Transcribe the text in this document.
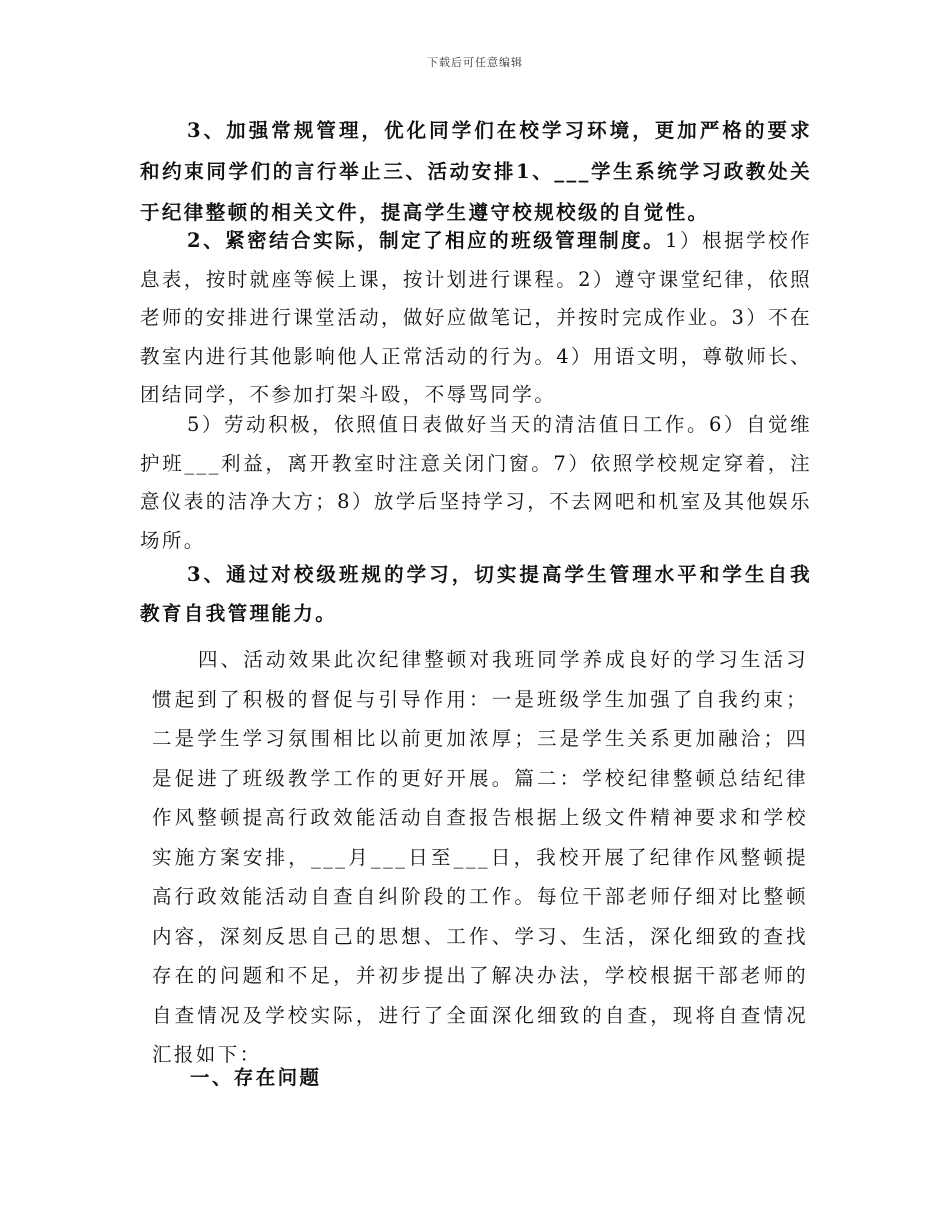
下载后可任意编辑

3、加强常规管理，优化同学们在校学习环境，更加严格的要求和约束同学们的言行举止三、活动安排1、___学生系统学习政教处关于纪律整顿的相关文件，提高学生遵守校规校级的自觉性。

2、紧密结合实际，制定了相应的班级管理制度。1）根据学校作息表，按时就座等候上课，按计划进行课程。2）遵守课堂纪律，依照老师的安排进行课堂活动，做好应做笔记，并按时完成作业。3）不在教室内进行其他影响他人正常活动的行为。4）用语文明，尊敬师长、团结同学，不参加打架斗殴，不辱骂同学。

5）劳动积极，依照值日表做好当天的清洁值日工作。6）自觉维护班___利益，离开教室时注意关闭门窗。7）依照学校规定穿着，注意仪表的洁净大方；8）放学后坚持学习，不去网吧和机室及其他娱乐场所。

3、通过对校级班规的学习，切实提高学生管理水平和学生自我教育自我管理能力。

四、活动效果此次纪律整顿对我班同学养成良好的学习生活习惯起到了积极的督促与引导作用：一是班级学生加强了自我约束；二是学生学习氛围相比以前更加浓厚；三是学生关系更加融洽；四是促进了班级教学工作的更好开展。篇二：学校纪律整顿总结纪律作风整顿提高行政效能活动自查报告根据上级文件精神要求和学校实施方案安排，___月___日至___日，我校开展了纪律作风整顿提高行政效能活动自查自纠阶段的工作。每位干部老师仔细对比整顿内容，深刻反思自己的思想、工作、学习、生活，深化细致的查找存在的问题和不足，并初步提出了解决办法，学校根据干部老师的自查情况及学校实际，进行了全面深化细致的自查，现将自查情况汇报如下：

一、存在问题
